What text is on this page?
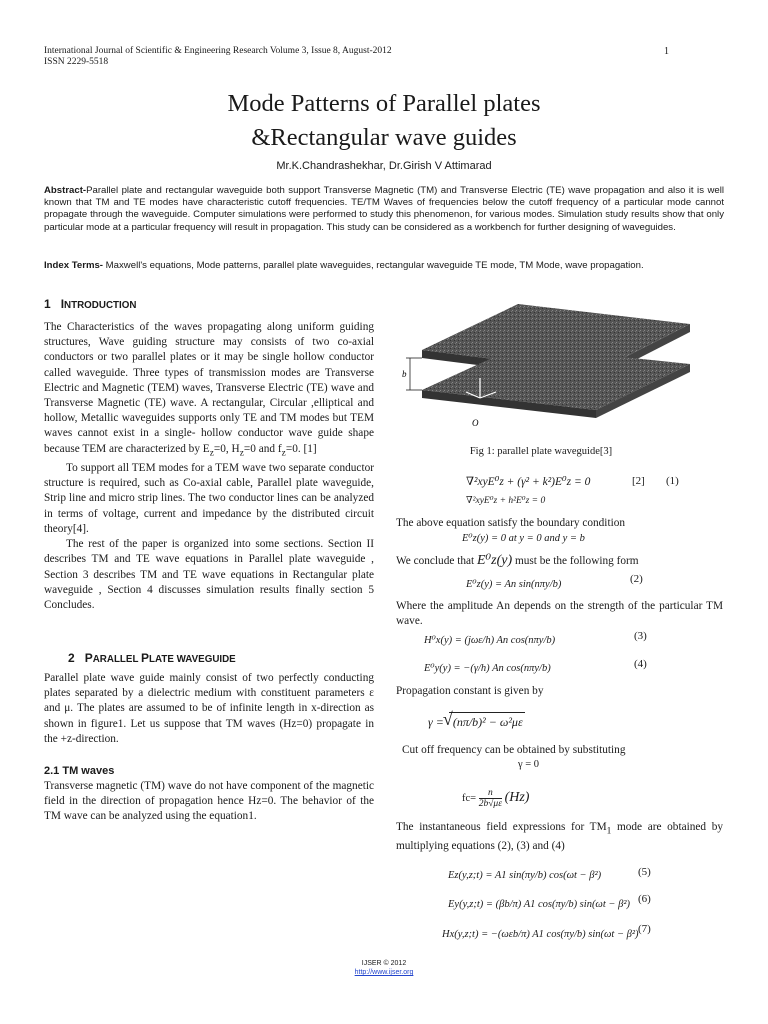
International Journal of Scientific & Engineering Research Volume 3, Issue 8, August-2012
ISSN 2229-5518
1
Mode Patterns of Parallel plates
&Rectangular wave guides
Mr.K.Chandrashekhar, Dr.Girish V Attimarad
Abstract-Parallel plate and rectangular waveguide both support Transverse Magnetic (TM) and Transverse Electric (TE) wave propagation and also it is well known that TM and TE modes have characteristic cutoff frequencies. TE/TM Waves of frequencies below the cutoff frequency of a particular mode cannot propagate through the waveguide. Computer simulations were performed to study this phenomenon, for various modes. Simulation study results show that only particular mode at a particular frequency will result in propagation. This study can be considered as a workbench for further designing of waveguides.
Index Terms- Maxwell's equations, Mode patterns, parallel plate waveguides, rectangular waveguide TE mode, TM Mode, wave propagation.
1 INTRODUCTION

The Characteristics of the waves propagating along uniform guiding structures, Wave guiding structure may consists of two co-axial conductors or two parallel plates or it may be single hollow conductor called waveguide. Three types of transmission modes are Transverse Electric and Magnetic (TEM) waves, Transverse Electric (TE) wave and Transverse Magnetic (TE) wave. A rectangular, Circular ,elliptical and hollow, Metallic waveguides supports only TE and TM modes but TEM waves cannot exist in a single- hollow conductor wave guide shape because TEM are characterized by $E_z=0$, $H_z=0$ and $f_z=0$. [1]

To support all TEM modes for a TEM wave two separate conductor structure is required, such as Co-axial cable, Parallel plate waveguide, Strip line and micro strip lines. The two conductor lines can be analyzed in terms of voltage, current and impedance by the distributed circuit theory[4].

The rest of the paper is organized into some sections. Section II describes TM and TE wave equations in Parallel plate waveguide , Section 3 describes TM and TE wave equations in Rectangular plate waveguide , Section 4 discusses simulation results finally section 5 Concludes.

2 PARALLEL PLATE WAVEGUIDE

Parallel plate wave guide mainly consist of two perfectly conducting plates separated by a dielectric medium with constituent parameters ε and μ. The plates are assumed to be of infinite length in x-direction as shown in figure1. Let us suppose that TM waves (Hz=0) propagate in the +z-direction.

2.1 TM waves

Transverse magnetic (TM) wave do not have component of the magnetic field in the direction of propagation hence Hz=0. The behavior of the TM wave can be analyzed using the equation1.

b
O
Fig 1: parallel plate waveguide[3]
∇²xyE⁰z + (γ² + k²)E⁰z = 0	[2] (1)
∇²xyE⁰z + h²E⁰z = 0
The above equation satisfy the boundary condition
E⁰z(y) = 0 at y = 0 and y = b
We conclude that E⁰z(y) must be the following form
E⁰z(y) = An sin(nπy/b)	(2)
Where the amplitude An depends on the strength of the particular TM wave.
H⁰x(y) = (jωε/h) An cos(nπy/b)	(3)
E⁰y(y) = −(γ/h) An cos(nπy/b)	(4)
Propagation constant is given by
γ = √ (nπ/b)² − ω²με
Cut off frequency can be obtained by substituting
γ = 0
$fc= \frac{n}{2b√\mu\varepsilon} (Hz)$
The instantaneous field expressions for $TM_1$ mode are obtained by multiplying equations (2), (3) and (4)
Ez(y,z;t) = A1 sin(πy/b) cos(ωt − β²)	(5)
Ey(y,z;t) = (βb/π) A1 cos(πy/b) sin(ωt − β²) (6)
Hx(y,z;t) = −(ωεb/π) A1 cos(πy/b) sin(ωt − β²) (7)
IJSER © 2012
http://www.ijser.org
